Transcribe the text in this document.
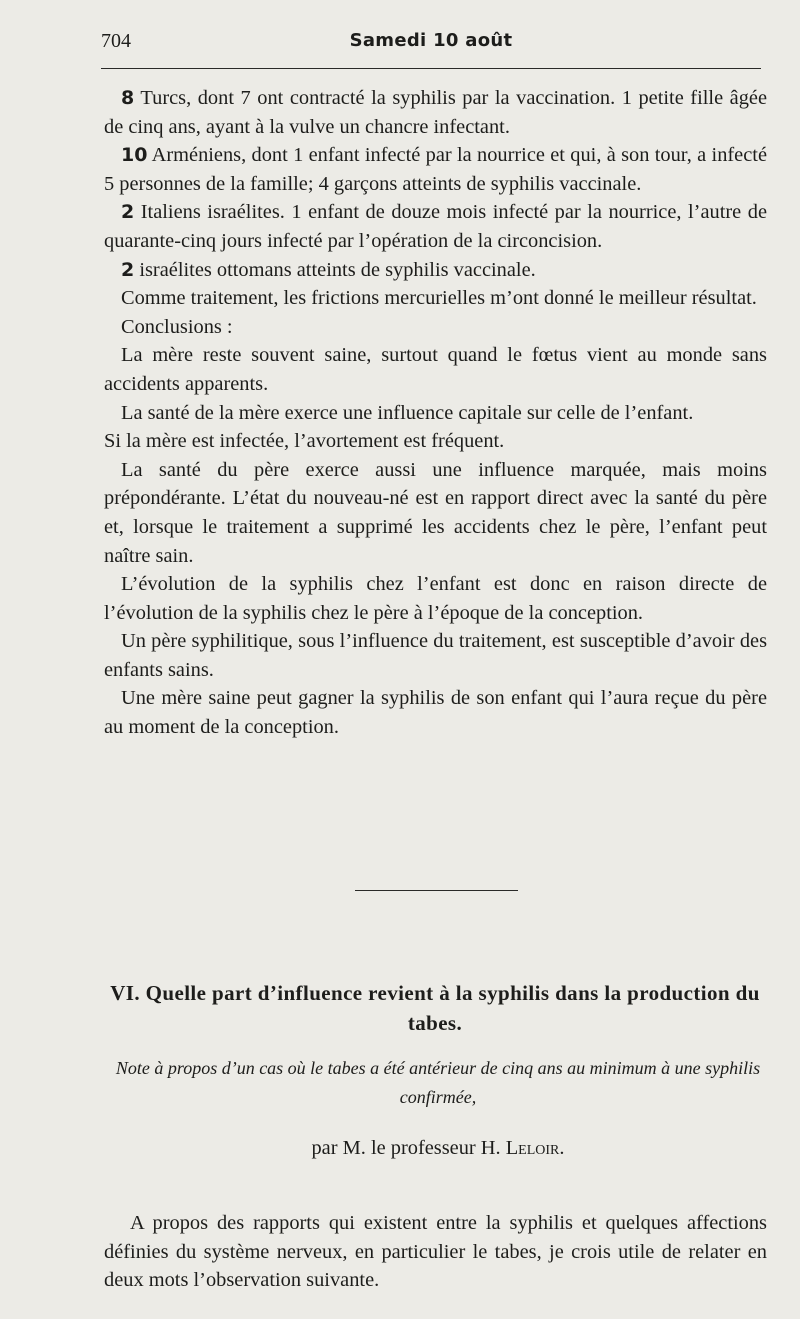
704	Samedi 10 août

8 Turcs, dont 7 ont contracté la syphilis par la vaccination. 1 petite fille âgée de cinq ans, ayant à la vulve un chancre infectant.

10 Arméniens, dont 1 enfant infecté par la nourrice et qui, à son tour, a infecté 5 personnes de la famille; 4 garçons atteints de syphilis vaccinale.

2 Italiens israélites. 1 enfant de douze mois infecté par la nourrice, l’autre de quarante-cinq jours infecté par l’opération de la circoncision.

2 israélites ottomans atteints de syphilis vaccinale.

Comme traitement, les frictions mercurielles m’ont donné le meilleur résultat.

Conclusions :

La mère reste souvent saine, surtout quand le fœtus vient au monde sans accidents apparents.

La santé de la mère exerce une influence capitale sur celle de l’enfant.

Si la mère est infectée, l’avortement est fréquent.

La santé du père exerce aussi une influence marquée, mais moins prépondérante. L’état du nouveau-né est en rapport direct avec la santé du père et, lorsque le traitement a supprimé les accidents chez le père, l’enfant peut naître sain.

L’évolution de la syphilis chez l’enfant est donc en raison directe de l’évolution de la syphilis chez le père à l’époque de la conception.

Un père syphilitique, sous l’influence du traitement, est susceptible d’avoir des enfants sains.

Une mère saine peut gagner la syphilis de son enfant qui l’aura reçue du père au moment de la conception.

VI. Quelle part d’influence revient à la syphilis dans la production du tabes.

Note à propos d’un cas où le tabes a été antérieur de cinq ans au minimum à une syphilis confirmée,

par M. le professeur H. Leloir.

A propos des rapports qui existent entre la syphilis et quelques affections définies du système nerveux, en particulier le tabes, je crois utile de relater en deux mots l’observation suivante.
